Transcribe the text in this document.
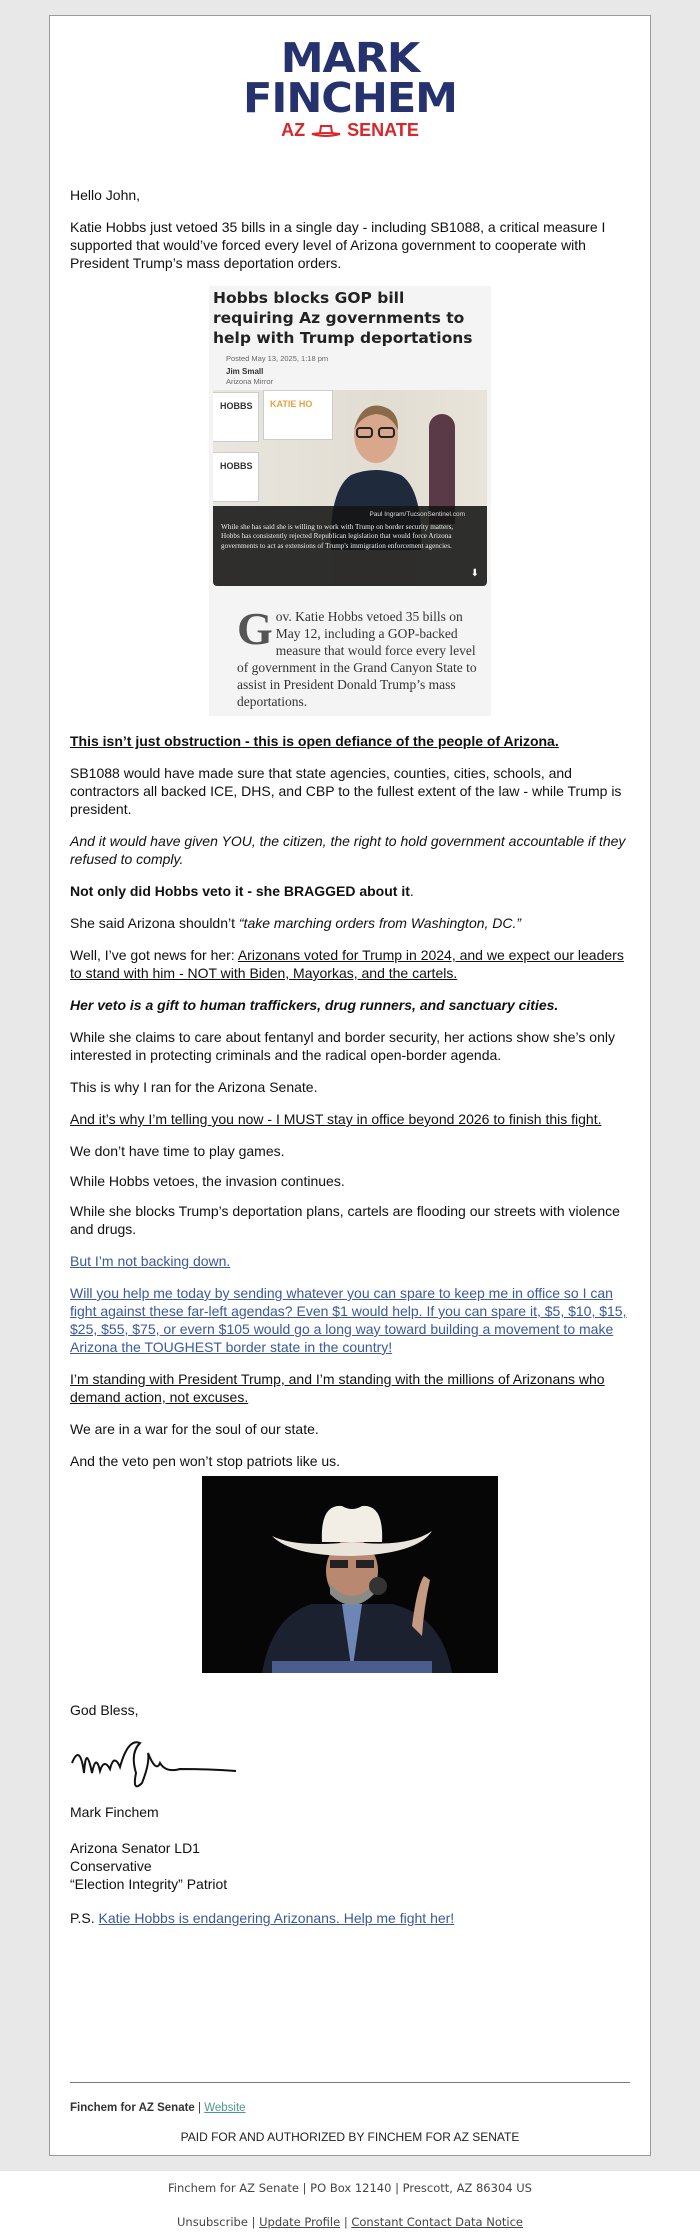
MARK
FINCHEM
AZ SENATE

Hello John,

Katie Hobbs just vetoed 35 bills in a single day - including SB1088, a critical measure I supported that would’ve forced every level of Arizona government to cooperate with President Trump’s mass deportation orders.

Hobbs blocks GOP bill requiring Az governments to help with Trump deportations
Posted May 13, 2025, 1:18 pm
Jim Small
Arizona Mirror
HOBBS	KATIE HO
HOBBS
Paul Ingram/TucsonSentinel.com
While she has said she is willing to work with Trump on border security matters, Hobbs has consistently rejected Republican legislation that would force Arizona governments to act as extensions of Trump's immigration enforcement agencies.
⬇
Gov. Katie Hobbs vetoed 35 bills on May 12, including a GOP-backed measure that would force every level of government in the Grand Canyon State to assist in President Donald Trump’s mass deportations.

This isn’t just obstruction - this is open defiance of the people of Arizona.

SB1088 would have made sure that state agencies, counties, cities, schools, and contractors all backed ICE, DHS, and CBP to the fullest extent of the law - while Trump is president.

And it would have given YOU, the citizen, the right to hold government accountable if they refused to comply.

Not only did Hobbs veto it - she BRAGGED about it.

She said Arizona shouldn’t “take marching orders from Washington, DC.”

Well, I’ve got news for her: Arizonans voted for Trump in 2024, and we expect our leaders to stand with him - NOT with Biden, Mayorkas, and the cartels.

Her veto is a gift to human traffickers, drug runners, and sanctuary cities.

While she claims to care about fentanyl and border security, her actions show she’s only interested in protecting criminals and the radical open-border agenda.

This is why I ran for the Arizona Senate.

And it’s why I’m telling you now - I MUST stay in office beyond 2026 to finish this fight.

We don’t have time to play games.

While Hobbs vetoes, the invasion continues.

While she blocks Trump’s deportation plans, cartels are flooding our streets with violence and drugs.

But I’m not backing down.

Will you help me today by sending whatever you can spare to keep me in office so I can fight against these far-left agendas? Even $1 would help. If you can spare it, $5, $10, $15, $25, $55, $75, or evern $105 would go a long way toward building a movement to make Arizona the TOUGHEST border state in the country!

I’m standing with President Trump, and I’m standing with the millions of Arizonans who demand action, not excuses.

We are in a war for the soul of our state.

And the veto pen won’t stop patriots like us.

God Bless,

Mark Finchem

Arizona Senator LD1
Conservative
“Election Integrity” Patriot

P.S. Katie Hobbs is endangering Arizonans. Help me fight her!

Finchem for AZ Senate | Website
PAID FOR AND AUTHORIZED BY FINCHEM FOR AZ SENATE
Finchem for AZ Senate | PO Box 12140 | Prescott, AZ 86304 US
Unsubscribe | Update Profile | Constant Contact Data Notice
